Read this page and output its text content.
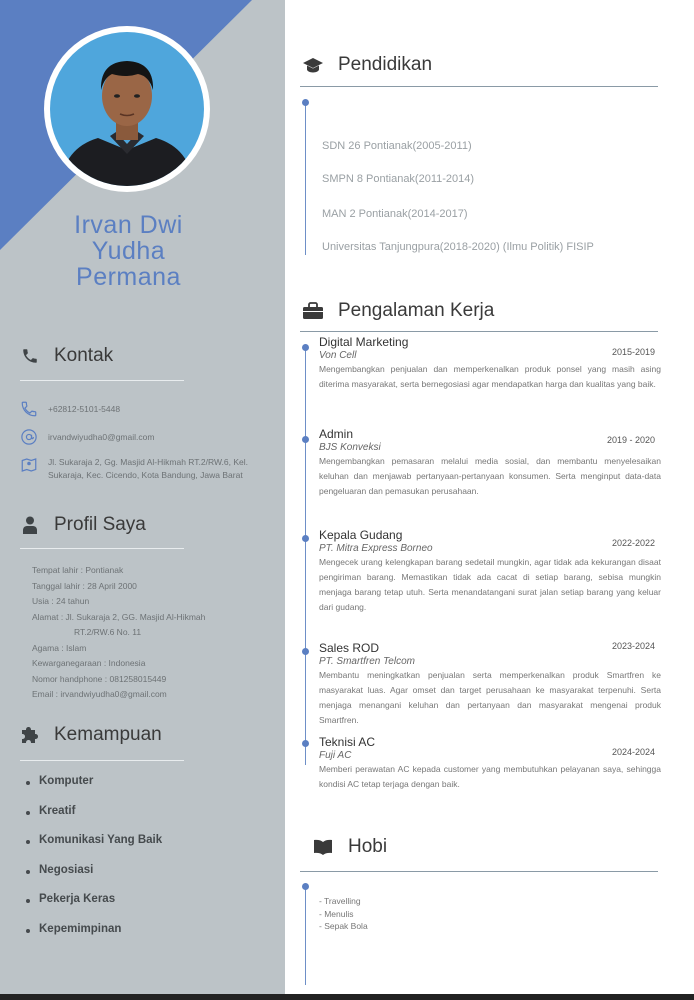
Irvan Dwi
Yudha
Permana
Kontak
+62812-5101-5448
irvandwiyudha0@gmail.com
Jl. Sukaraja 2, Gg. Masjid Al-Hikmah RT.2/RW.6, Kel. Sukaraja, Kec. Cicendo, Kota Bandung, Jawa Barat
Profil Saya
Tempat lahir : Pontianak
Tanggal lahir : 28 April 2000
Usia : 24 tahun
Alamat : Jl. Sukaraja 2, GG. Masjid Al-Hikmah
RT.2/RW.6 No. 11
Agama : Islam
Kewarganegaraan : Indonesia
Nomor handphone : 081258015449
Email : irvandwiyudha0@gmail.com
Kemampuan
Komputer
Kreatif
Komunikasi Yang Baik
Negosiasi
Pekerja Keras
Kepemimpinan
Pendidikan
SDN 26 Pontianak(2005-2011)
SMPN 8 Pontianak(2011-2014)
MAN 2 Pontianak(2014-2017)
Universitas Tanjungpura(2018-2020) (Ilmu Politik) FISIP
Pengalaman Kerja
Digital Marketing
2015-2019
Von Cell
Mengembangkan penjualan dan memperkenalkan produk ponsel yang masih asing diterima masyarakat, serta bernegosiasi agar mendapatkan harga dan kualitas yang baik.
Admin	2019 - 2020
BJS Konveksi
Mengembangkan pemasaran melalui media sosial, dan membantu menyelesaikan keluhan dan menjawab pertanyaan-pertanyaan konsumen. Serta menginput data-data pengeluaran dan pemasukan perusahaan.
Kepala Gudang
2022-2022
PT. Mitra Express Borneo
Mengecek urang kelengkapan barang sedetail mungkin, agar tidak ada kekurangan disaat pengiriman barang. Memastikan tidak ada cacat di setiap barang, sebisa mungkin menjaga barang tetap utuh. Serta menandatangani surat jalan setiap barang yang keluar dari gudang.
Sales ROD	2023-2024
PT. Smartfren Telcom
Membantu meningkatkan penjualan serta memperkenalkan produk Smartfren ke masyarakat luas. Agar omset dan target perusahaan ke masyarakat terpenuhi. Serta menjaga menangani keluhan dan pertanyaan dan masyarakat mengenai produk Smartfren.
Teknisi AC
2024-2024
Fuji AC
Memberi perawatan AC kepada customer yang membutuhkan pelayanan saya, sehingga kondisi AC tetap terjaga dengan baik.
Hobi
- Travelling
- Menulis
- Sepak Bola
